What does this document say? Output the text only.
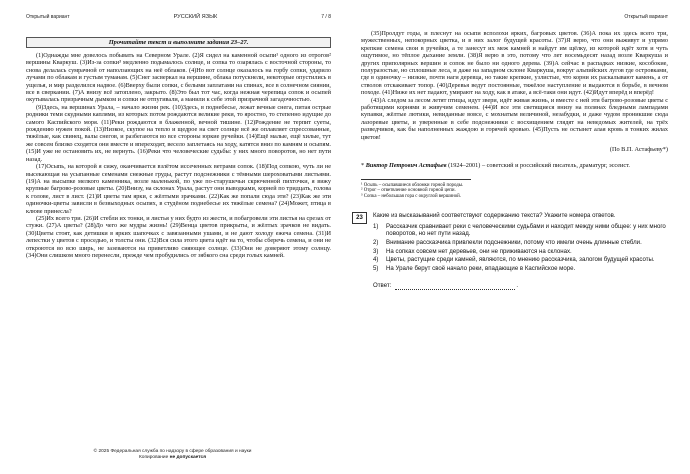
Открытый вариант	РУССКИЙ ЯЗЫК	7 / 8
Прочитайте текст и выполните задания 23–27.

(1)Однажды мне довелось побывать на Северном Урале. (2)Я сидел на каменной осыпи¹ одного из отрогов² вершины Кваркуш. (3)Из-за сопки³ медленно подымалось солнце, и сопка то озарялась с восточной стороны, то снова делалась сумрачной от наползающих на неё облаков. (4)Но вот солнце оказалось на горбу сопки, ударило лучами по облакам и густым туманам. (5)Снег засверкал на вершине, облака потускнели, некоторые опустились в ущелья, и мир разделился надвое. (6)Вверху были сопки, с белыми заплатами на спинах, все в солнечном сиянии, все в сверкании. (7)А внизу всё затоплено, закрыто. (8)Это был тот час, когда нежная черепица сопок и осыпей окутывалась призрачным дымком и сопки не отпугивали, а манили к себе этой призрачной загадочностью.

(9)Здесь, на вершинах Урала, – начало жизни рек. (10)Здесь, в поднебесье, лежат вечные снега, питая острые родники теми скудными каплями, из которых потом рождаются великие реки, то яростно, то степенно идущие до самого Каспийского моря. (11)Реки рождаются в блаженной, вечной тишине. (12)Рождение не терпит суеты, рождению нужен покой. (13)Низкое, скупое на тепло и щедрое на свет солнце всё же оплавляет спрессованные, тяжёлые, как свинец, валы снегов, и разбегаются во все стороны юркие ручейки. (14)Ещё малые, ещё хилые, тут же совсем близко сходятся они вместе и впереходят, весело заплетаясь на ходу, катятся вниз по камням и осыпям. (15)И уже не остановить их, не вернуть. (16)Реки что человеческие судьбы: у них много поворотов, но нет пути назад.

(17)Осыпь, на которой я сижу, оканчивается взлётом иссеченных ветрами сопок. (18)Под сопкою, чуть ли не высекающая на усыпанные семенами снежные груды, растут подснежники с тёмными шероховатыми листьями. (19)А на высыпке мелкого каменника, возле маленькой, по уже по-старушечьи скрюченной пихточки, я вижу крупные багрово-розовые цветы. (20)Внизу, на склонах Урала, растут они выводками, корней по тридцать, голова к голове, лист в лист. (21)И цветы там ярки, с жёлтыми зрачками. (22)Как же попали сюда эти? (23)Как же эти одиночки-цветы зависли в безвыходных осыпях, в студёном поднебесье их тяжёлые семена? (24)Может, птица в клюве принесла?

(25)Их всего три. (26)И стебли их тонки, и листья у них будто из жести, и побагровели эти листья на срезах от стужи. (27)А цветы? (28)До чего же мудры жизнь! (29)Венца цветов прикрыты, и жёлтых зрачков не видать. (30)Цветы стоят, как детишки в ярких шапочках с завязанными ушами, и не дают холоду ежеча семена. (31)И лепестки у цветов с проседью, и толсты они. (32)Вся сила этого цвета идёт на то, чтобы сберечь семена, и они не откроются во всю ширь, не зазеваются на приветливо сияющее солнце. (33)Они не доверяют этому солнцу. (34)Они слишком много перенесли, прежде чем пробудились от зябкого сна среди голых камней.

© 2025 Федеральная служба по надзору в сфере образования и науки
Копирование не допускается
Открытый вариант

(35)Пролдут годы, и плеснут на осыпи всполохи ярких, багровых цветов. (36)А пока их здесь всего три, мужественных, непокорных цветка, и в них залог будущей красоты. (37)Я верю, что они выживут и упрямо крепкие семена свои в ручейки, а те занесут их меж камней и найдут им щёлку, из которой идёт хотя и чуть ощутимое, но тёплое дыхание земли. (38)Я верю в это, потому что лет восемьдесят назад возле Кваркуша и других приполярных вершин и сопок не было ни одного дерева. (39)А сейчас в распадках низкие, кособокие, полуразостые, но сплошные леса, и даже на западном склоне Кваркуша, вокруг альпийских лугов где островками, где в одиночку – низкие, почти наги деревца, но такие крепкие, узлистые, что корни их раскалывают камень, а от стволов отскакивает топор. (40)Деревья ведут постоянные, тяжёлое наступление и выдаются в борьбе, в вечном походе. (41)Ниже их нет падают, умирают на ходу, как в атаке, а всё-таки они идут. (42)Идут вперёд и вперёд!

(43)А следом за лесом летят птицы, идут звери, идёт живая жизнь, и вместе с ней эти багрово-розовые цветы с работящими корнями и живучим семенем. (44)И все эти светящиеся внизу на полянах бледными лампадами купавки, жёлтые лютики, невиданные вовсе, с мохнатым величиной, незабудки, и даже чудом проникшие сюда лазоревые цветы, и уверенные в себе подснежники с восхищением глядят на неведомых жителей, на трёх разведчиков, как бы наполненных жаждою и горячей кровью. (45)Пусть не остынет алая кровь в тонких жилах цветов!

(По В.П. Астафьеву*)
* Виктор Петрович Астафьев (1924–2001) – советский и российский писатель, драматург, эссеист.
¹ Осыпь – осыпавшиеся обломки горной породы.
² Отрог – ответвление основной горной цепи.
³ Сопка – небольшая гора с округлой вершиной.
23	Какие из высказываний соответствуют содержанию текста? Укажите номера ответов.
1)	Рассказчик сравнивает реки с человеческими судьбами и находит между ними общее: у них много поворотов, но нет пути назад.
2)	Внимание рассказчика привлекли подснежники, потому что имели очень длинные стебли.
3)	На сопках совсем нет деревьев, они не приживаются на склонах.
4)	Цветы, растущие среди камней, являются, по мнению рассказчика, залогом будущей красоты.
5)	На Урале берут своё начало реки, впадающие в Каспийское море.
Ответ:	.
